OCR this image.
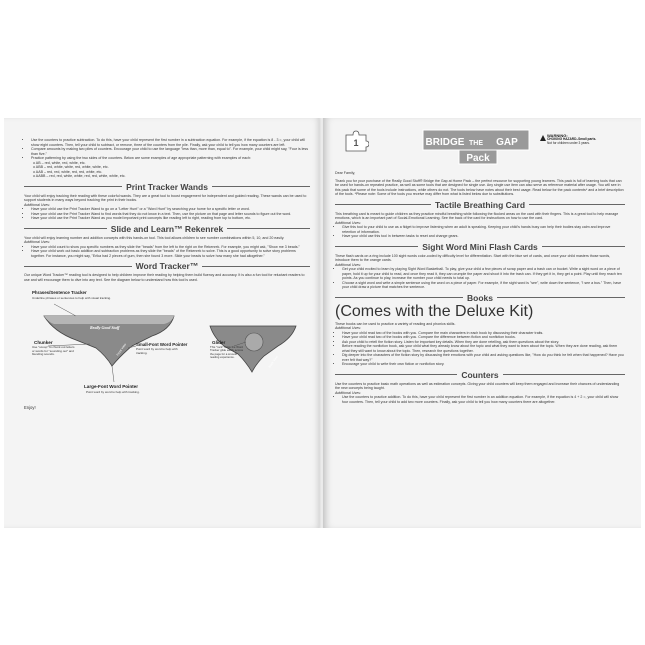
• Use the counters to practice subtraction. To do this, have your child represent the first number in a subtraction equation. For example, if the equation is 8 - 3 =, your child will show eight counters. Then, tell your child to subtract, or remove, three of the counters from the pile. Finally, ask your child to tell you how many counters are left.
• Compare amounts by making two piles of counters. Encourage your child to use the language "less than, more than, equal to". For example, your child might say, "Four is less than five."
• Practice patterning by using the two sides of the counters. Below are some examples of age appropriate patterning with examples of each:
o AB – red, white, red, white, etc.
o ABB – red, white, white, red, white, white, etc.
o AAB – red, red, white, red, red, white, etc.
o AABB – red, red, white, white, red, red, white, white, etc.
Print Tracker Wands

Your child will enjoy tracking their reading with these colorful wands. They are a great tool to boost engagement for independent and guided reading. These wands can be used to support students in many ways beyond tracking the print in their books.

Additional Uses:

• Have your child use the Print Tracker Wand to go on a "Letter Hunt" or a "Word Hunt" by searching your home for a specific letter or word.
• Have your child use the Print Tracker Wand to find words that they do not know in a text. Then, use the picture on that page and letter sounds to figure out the word.
• Have your child use the Print Tracker Wand as you model important print concepts like reading left to right, reading from top to bottom, etc.
Slide and Learn™ Rekenrek

Your child will enjoy learning number and addition concepts with this hands-on tool. This tool allows children to see number combinations within 5, 10, and 20 easily.

Additional Uses:

• Have your child count to show you specific numbers as they slide the "beads" from the left to the right on the Rekenrek. For example, you might ask, "Show me 3 beads."
• Have your child work out basic addition and subtraction problems as they slide the "beads" of the Rekenrek to solve. This is a good opportunity to solve story problems together. For instance, you might say, "Erika had 2 pieces of gum, then she found 3 more. Slide your beads to solve how many she had altogether."
Word Tracker™

Our unique Word Tracker™ reading tool is designed to help children improve their reading by helping them build fluency and accuracy. It is also a fun tool for reluctant readers to use and will encourage them to dive into any text. See the diagram below to understand how this tool is used.

Phrases/Sentence Tracker
Underline phrases or sentences to help with visual tracking.
Really Good Stuff
Chunker
Use "scoop" to chunk out letters or words for "sounding out" and blending sounds.
Small-Font Word Pointer
Point word by word to help with tracking.
Large-Font Word Pointer
Point word by word to help with tracking.
Glider
This "rock" helps the Word Tracker glide easily across the page for a smooth reading experience.
Front View
Back View

Enjoy!

1	BRIDGE THE GAP
Pack
WARNING:
CHOKING HAZARD–Small parts.
Not for children under 3 years.

Dear Family,

Thank you for your purchase of the Really Good Stuff® Bridge the Gap at Home Pack – the perfect resource for supporting young learners. This pack is full of learning tools that can be used for hands-on repeated practice, as well as some tools that are designed for single use. Any single use item can also serve as reference material after usage. You will see in this pack that some of the tools include instructions, while others do not. The tools below have notes about their best usage. Read below for the pack contents* and a brief description of the tools. *Please note: Some of the tools you receive may differ from what is listed below due to substitutions.

Tactile Breathing Card

This breathing card is meant to guide children as they practice mindful breathing while following the flocked areas on the card with their fingers. This is a great tool to help manage emotions, which is an important part of Social-Emotional Learning. See the back of the card for instructions on how to use the card.

Additional Uses:

• Give this tool to your child to use as a fidget to improve listening when an adult is speaking. Keeping your child's hands busy can help their bodies stay calm and improve retention of information.
• Have your child use this tool in between tasks to reset and change gears.
Sight Word Mini Flash Cards

These flash cards on a ring include 100 sight words color-coded by difficulty level for differentiation. Start with the blue set of cards, and once your child masters those words, introduce them to the orange cards.

Additional Uses:

• Get your child excited to learn by playing Sight Word Basketball. To play, give your child a few pieces of scrap paper and a trash can or bucket. Write a sight word on a piece of paper, hold it up for your child to read, and once they read it, they can crumple the paper and shoot it into the trash can. If they get it in, they get a point. Play until they reach ten points. As you continue to play, increase the number your child needs to total up.
• Choose a sight word and write a simple sentence using the word on a piece of paper. For example, if the sight word is "see", write down the sentence, "I see a bus." Then, have your child draw a picture that matches the sentence.
Books
(Comes with the Deluxe Kit)

These books can be used to practice a variety of reading and phonics skills.

Additional Uses:

• Have your child read two of the books with you. Compare the main characters in each book by discussing their character traits.
• Have your child read two of the books with you. Compare the difference between fiction and nonfiction books.
• Ask your child to retell the fiction story. Listen for important key details. When they are done retelling, ask them questions about the story.
• Before reading the nonfiction book, ask your child what they already know about the topic and what they want to learn about the topic. When they are done reading, ask them what they still want to know about the topic. Then, research the questions together.
• Dig deeper into the characters of the fiction story by discussing their emotions with your child and asking questions like, "How do you think he felt when that happened? Have you ever felt that way?"
• Encourage your child to write their own fiction or nonfiction story.
Counters

Use the counters to practice basic math operations as well as estimation concepts. Giving your child counters will keep them engaged and increase their chances of understanding the new concepts being taught.

Additional Uses:

• Use the counters to practice addition. To do this, have your child represent the first number in an addition equation. For example, if the equation is 4 + 2 =, your child will show four counters. Then, tell your child to add two more counters. Finally, ask your child to tell you how many counters there are altogether.
